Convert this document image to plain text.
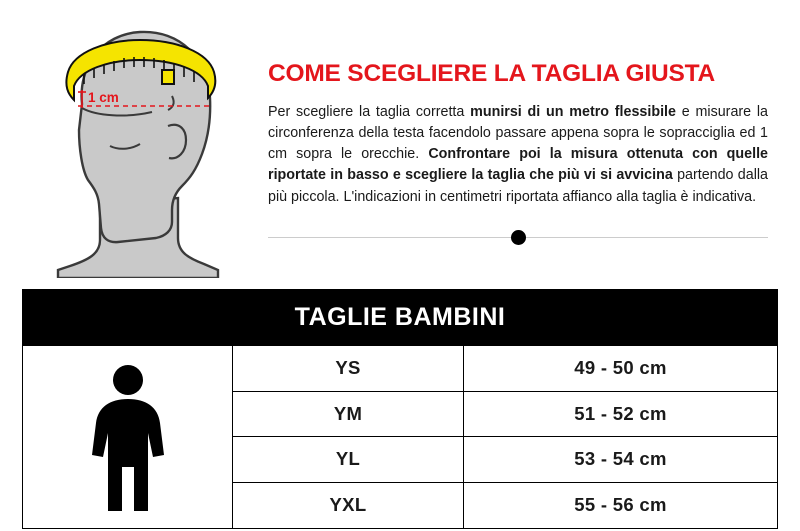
1 cm
COME SCEGLIERE LA TAGLIA GIUSTA

Per scegliere la taglia corretta munirsi di un metro flessibile e misurare la circonferenza della testa facendolo passare appena sopra le sopracciglia ed 1 cm sopra le orecchie. Confrontare poi la misura ottenuta con quelle riportate in basso e scegliere la taglia che più vi si avvicina partendo dalla più piccola. L'indicazioni in centimetri riportata affianco alla taglia è indicativa.

TAGLIE BAMBINI
YS	49 - 50 cm
YM	51 - 52 cm
YL	53 - 54 cm
YXL	55 - 56 cm
